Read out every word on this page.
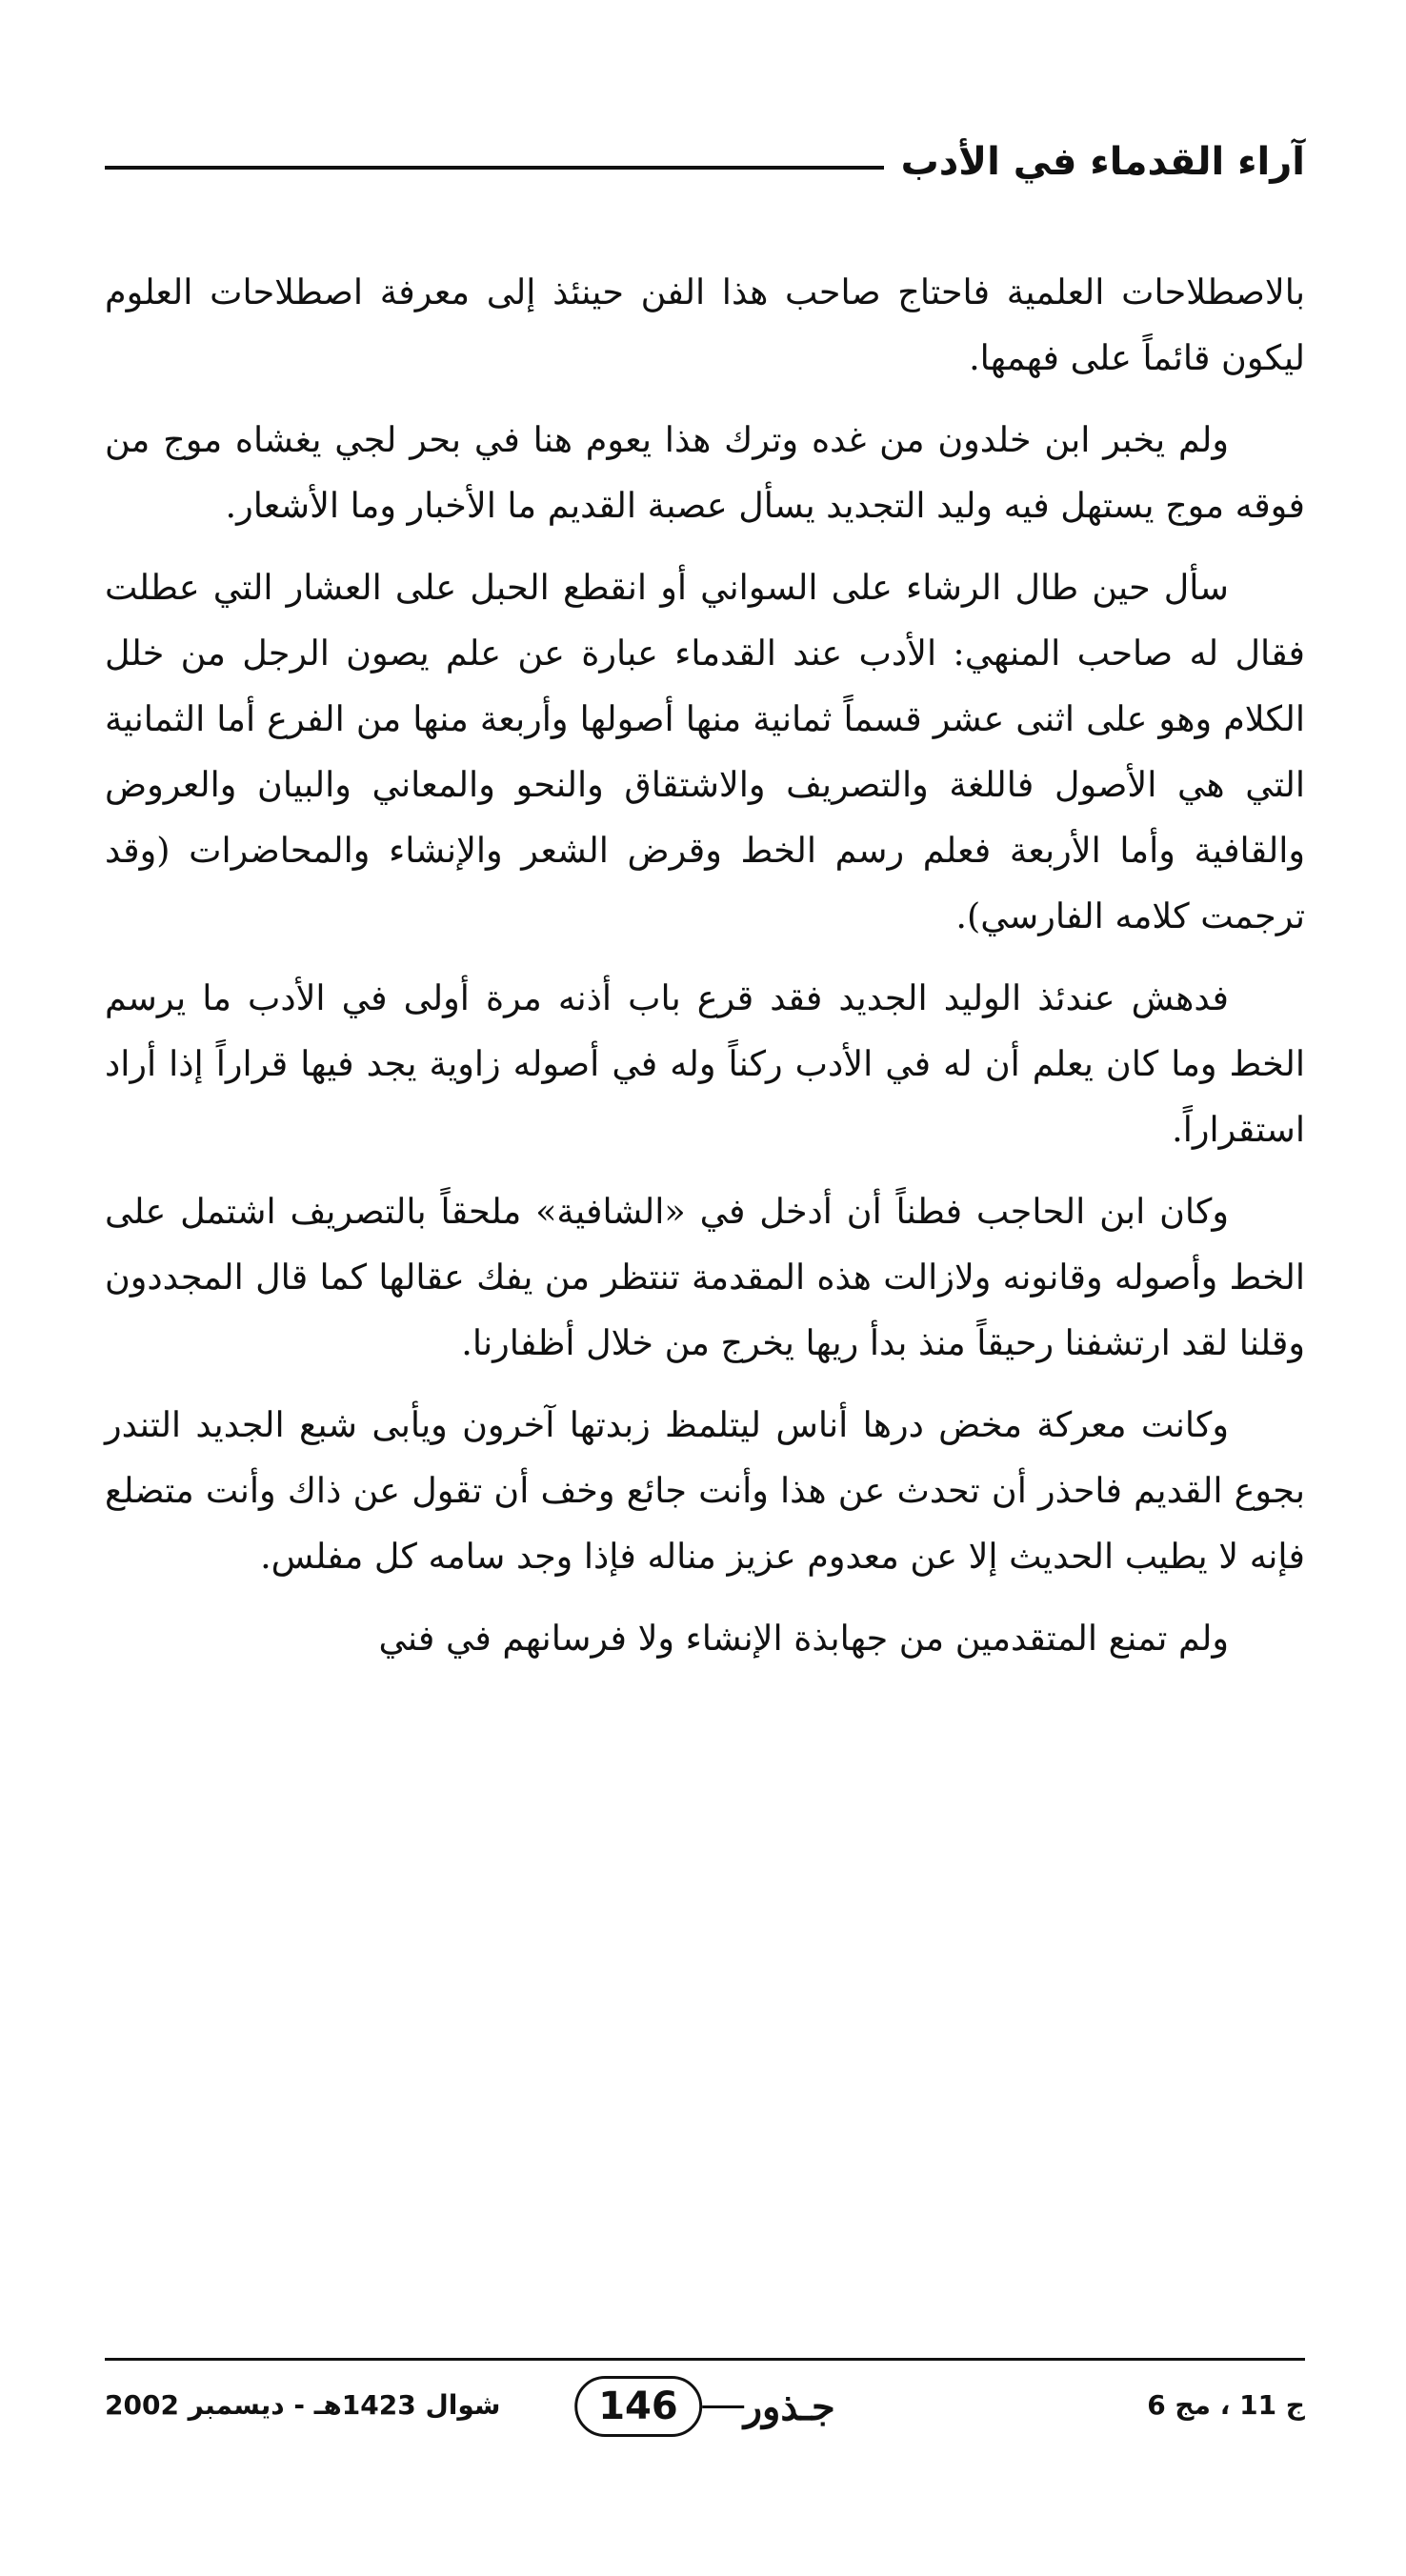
آراء القدماء في الأدب

بالاصطلاحات العلمية فاحتاج صاحب هذا الفن حينئذ إلى معرفة اصطلاحات العلوم ليكون قائماً على فهمها.

ولم يخبر ابن خلدون من غده وترك هذا يعوم هنا في بحر لجي يغشاه موج من فوقه موج يستهل فيه وليد التجديد يسأل عصبة القديم ما الأخبار وما الأشعار.

سأل حين طال الرشاء على السواني أو انقطع الحبل على العشار التي عطلت فقال له صاحب المنهي: الأدب عند القدماء عبارة عن علم يصون الرجل من خلل الكلام وهو على اثنى عشر قسماً ثمانية منها أصولها وأربعة منها من الفرع أما الثمانية التي هي الأصول فاللغة والتصريف والاشتقاق والنحو والمعاني والبيان والعروض والقافية وأما الأربعة فعلم رسم الخط وقرض الشعر والإنشاء والمحاضرات (وقد ترجمت كلامه الفارسي).

فدهش عندئذ الوليد الجديد فقد قرع باب أذنه مرة أولى في الأدب ما يرسم الخط وما كان يعلم أن له في الأدب ركناً وله في أصوله زاوية يجد فيها قراراً إذا أراد استقراراً.

وكان ابن الحاجب فطناً أن أدخل في «الشافية» ملحقاً بالتصريف اشتمل على الخط وأصوله وقانونه ولازالت هذه المقدمة تنتظر من يفك عقالها كما قال المجددون وقلنا لقد ارتشفنا رحيقاً منذ بدأ ريها يخرج من خلال أظفارنا.

وكانت معركة مخض درها أناس ليتلمظ زبدتها آخرون ويأبى شبع الجديد التندر بجوع القديم فاحذر أن تحدث عن هذا وأنت جائع وخف أن تقول عن ذاك وأنت متضلع فإنه لا يطيب الحديث إلا عن معدوم عزيز مناله فإذا وجد سامه كل مفلس.

ولم تمنع المتقدمين من جهابذة الإنشاء ولا فرسانهم في فني

ج 11 ، مج 6
جـذور
146
شوال 1423هـ - ديسمبر 2002
